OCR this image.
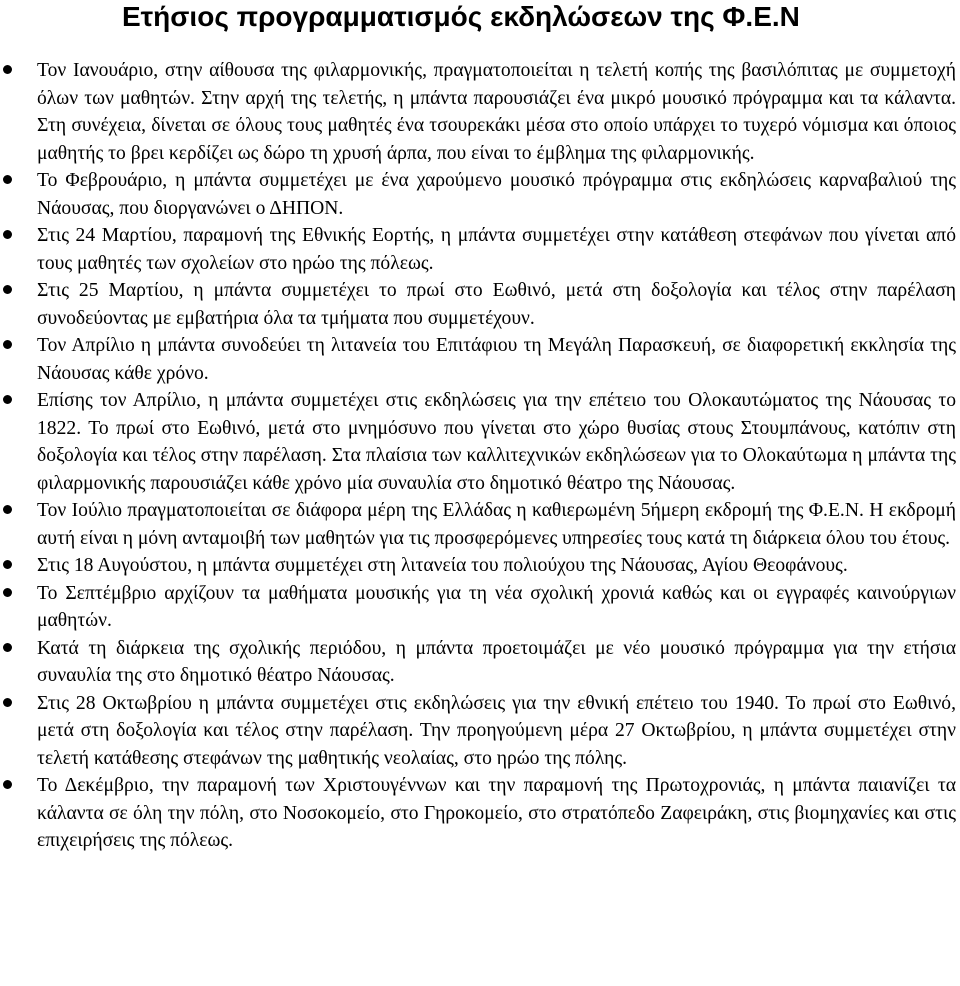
Ετήσιος προγραμματισμός εκδηλώσεων της Φ.Ε.Ν
Τον Ιανουάριο, στην αίθουσα της φιλαρμονικής, πραγματοποιείται η τελετή κοπής της βασιλόπιτας με συμμετοχή όλων των μαθητών. Στην αρχή της τελετής, η μπάντα παρουσιάζει ένα μικρό μουσικό πρόγραμμα και τα κάλαντα. Στη συνέχεια, δίνεται σε όλους τους μαθητές ένα τσουρεκάκι μέσα στο οποίο υπάρχει το τυχερό νόμισμα και όποιος μαθητής το βρει κερδίζει ως δώρο τη χρυσή άρπα, που είναι το έμβλημα της φιλαρμονικής.
Το Φεβρουάριο, η μπάντα συμμετέχει με ένα χαρούμενο μουσικό πρόγραμμα στις εκδηλώσεις καρναβαλιού της Νάουσας, που διοργανώνει ο ΔΗΠΟΝ.
Στις 24 Μαρτίου, παραμονή της Εθνικής Εορτής, η μπάντα συμμετέχει στην κατάθεση στεφάνων που γίνεται από τους μαθητές των σχολείων στο ηρώο της πόλεως.
Στις 25 Μαρτίου, η μπάντα συμμετέχει το πρωί στο Εωθινό, μετά στη δοξολογία και τέλος στην παρέλαση συνοδεύοντας με εμβατήρια όλα τα τμήματα που συμμετέχουν.
Τον Απρίλιο η μπάντα συνοδεύει τη λιτανεία του Επιτάφιου τη Μεγάλη Παρασκευή, σε διαφορετική εκκλησία της Νάουσας κάθε χρόνο.
Επίσης τον Απρίλιο, η μπάντα συμμετέχει στις εκδηλώσεις για την επέτειο του Ολοκαυτώματος της Νάουσας το 1822. Το πρωί στο Εωθινό, μετά στο μνημόσυνο που γίνεται στο χώρο θυσίας στους Στουμπάνους, κατόπιν στη δοξολογία και τέλος στην παρέλαση. Στα πλαίσια των καλλιτεχνικών εκδηλώσεων για το Ολοκαύτωμα η μπάντα της φιλαρμονικής παρουσιάζει κάθε χρόνο μία συναυλία στο δημοτικό θέατρο της Νάουσας.
Τον Ιούλιο πραγματοποιείται σε διάφορα μέρη της Ελλάδας η καθιερωμένη 5ήμερη εκδρομή της Φ.Ε.Ν. Η εκδρομή αυτή είναι η μόνη ανταμοιβή των μαθητών για τις προσφερόμενες υπηρεσίες τους κατά τη διάρκεια όλου του έτους.
Στις 18 Αυγούστου, η μπάντα συμμετέχει στη λιτανεία του πολιούχου της Νάουσας, Αγίου Θεοφάνους.
Το Σεπτέμβριο αρχίζουν τα μαθήματα μουσικής για τη νέα σχολική χρονιά καθώς και οι εγγραφές καινούργιων μαθητών.
Κατά τη διάρκεια της σχολικής περιόδου, η μπάντα προετοιμάζει με νέο μουσικό πρόγραμμα για την ετήσια συναυλία της στο δημοτικό θέατρο Νάουσας.
Στις 28 Οκτωβρίου η μπάντα συμμετέχει στις εκδηλώσεις για την εθνική επέτειο του 1940. Το πρωί στο Εωθινό, μετά στη δοξολογία και τέλος στην παρέλαση. Την προηγούμενη μέρα 27 Οκτωβρίου, η μπάντα συμμετέχει στην τελετή κατάθεσης στεφάνων της μαθητικής νεολαίας, στο ηρώο της πόλης.
Το Δεκέμβριο, την παραμονή των Χριστουγέννων και την παραμονή της Πρωτοχρονιάς, η μπάντα παιανίζει τα κάλαντα σε όλη την πόλη, στο Νοσοκομείο, στο Γηροκομείο, στο στρατόπεδο Ζαφειράκη, στις βιομηχανίες και στις επιχειρήσεις της πόλεως.
